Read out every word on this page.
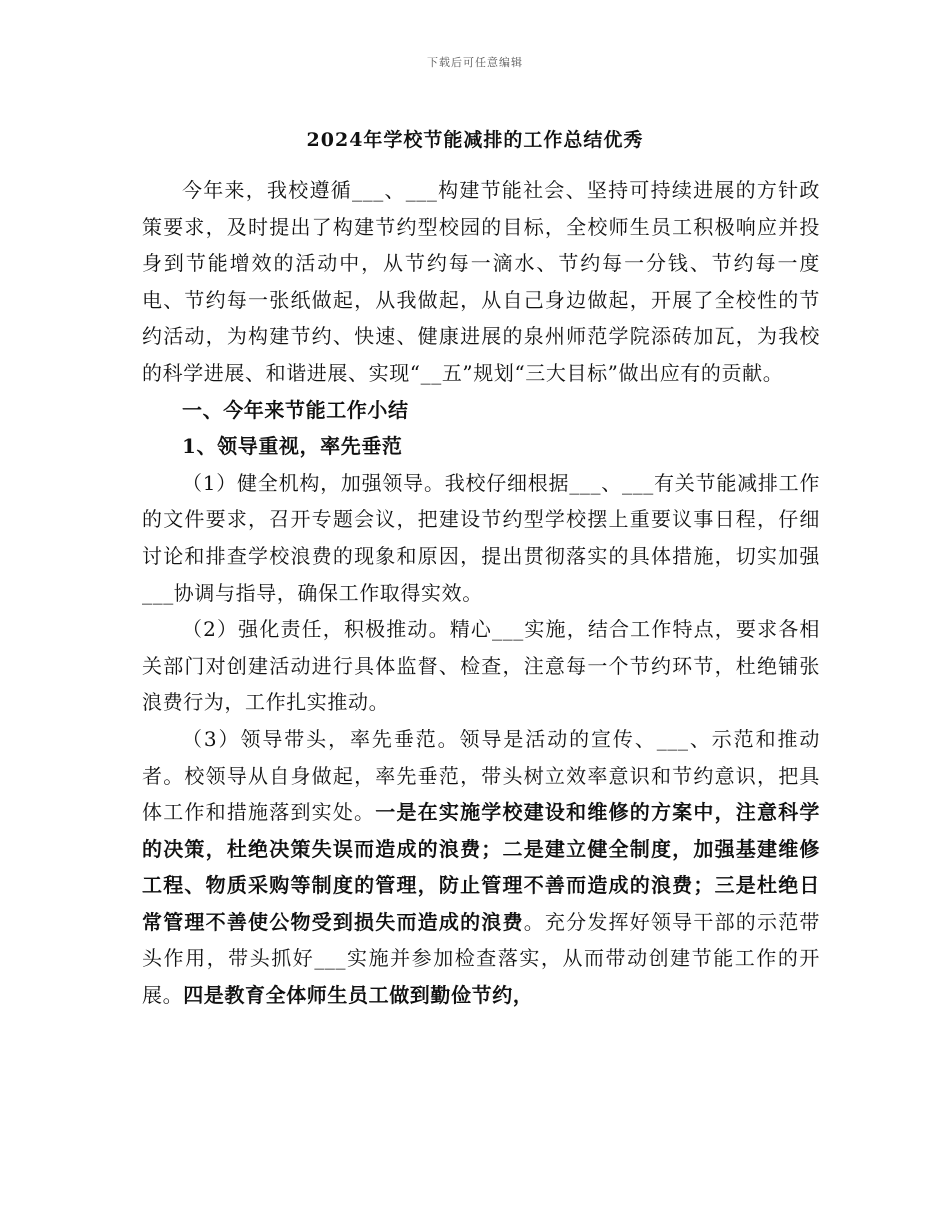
下载后可任意编辑
2024年学校节能减排的工作总结优秀

今年来，我校遵循___、___构建节能社会、坚持可持续进展的方针政策要求，及时提出了构建节约型校园的目标，全校师生员工积极响应并投身到节能增效的活动中，从节约每一滴水、节约每一分钱、节约每一度电、节约每一张纸做起，从我做起，从自己身边做起，开展了全校性的节约活动，为构建节约、快速、健康进展的泉州师范学院添砖加瓦，为我校的科学进展、和谐进展、实现“__五”规划“三大目标”做出应有的贡献。

一、今年来节能工作小结

1、领导重视，率先垂范

（1）健全机构，加强领导。我校仔细根据___、___有关节能减排工作的文件要求，召开专题会议，把建设节约型学校摆上重要议事日程，仔细讨论和排查学校浪费的现象和原因，提出贯彻落实的具体措施，切实加强___协调与指导，确保工作取得实效。

（2）强化责任，积极推动。精心___实施，结合工作特点，要求各相关部门对创建活动进行具体监督、检查，注意每一个节约环节，杜绝铺张浪费行为，工作扎实推动。

（3）领导带头，率先垂范。领导是活动的宣传、___、示范和推动者。校领导从自身做起，率先垂范，带头树立效率意识和节约意识，把具体工作和措施落到实处。一是在实施学校建设和维修的方案中，注意科学的决策，杜绝决策失误而造成的浪费；二是建立健全制度，加强基建维修工程、物质采购等制度的管理，防止管理不善而造成的浪费；三是杜绝日常管理不善使公物受到损失而造成的浪费。充分发挥好领导干部的示范带头作用，带头抓好___实施并参加检查落实，从而带动创建节能工作的开展。四是教育全体师生员工做到勤俭节约，
